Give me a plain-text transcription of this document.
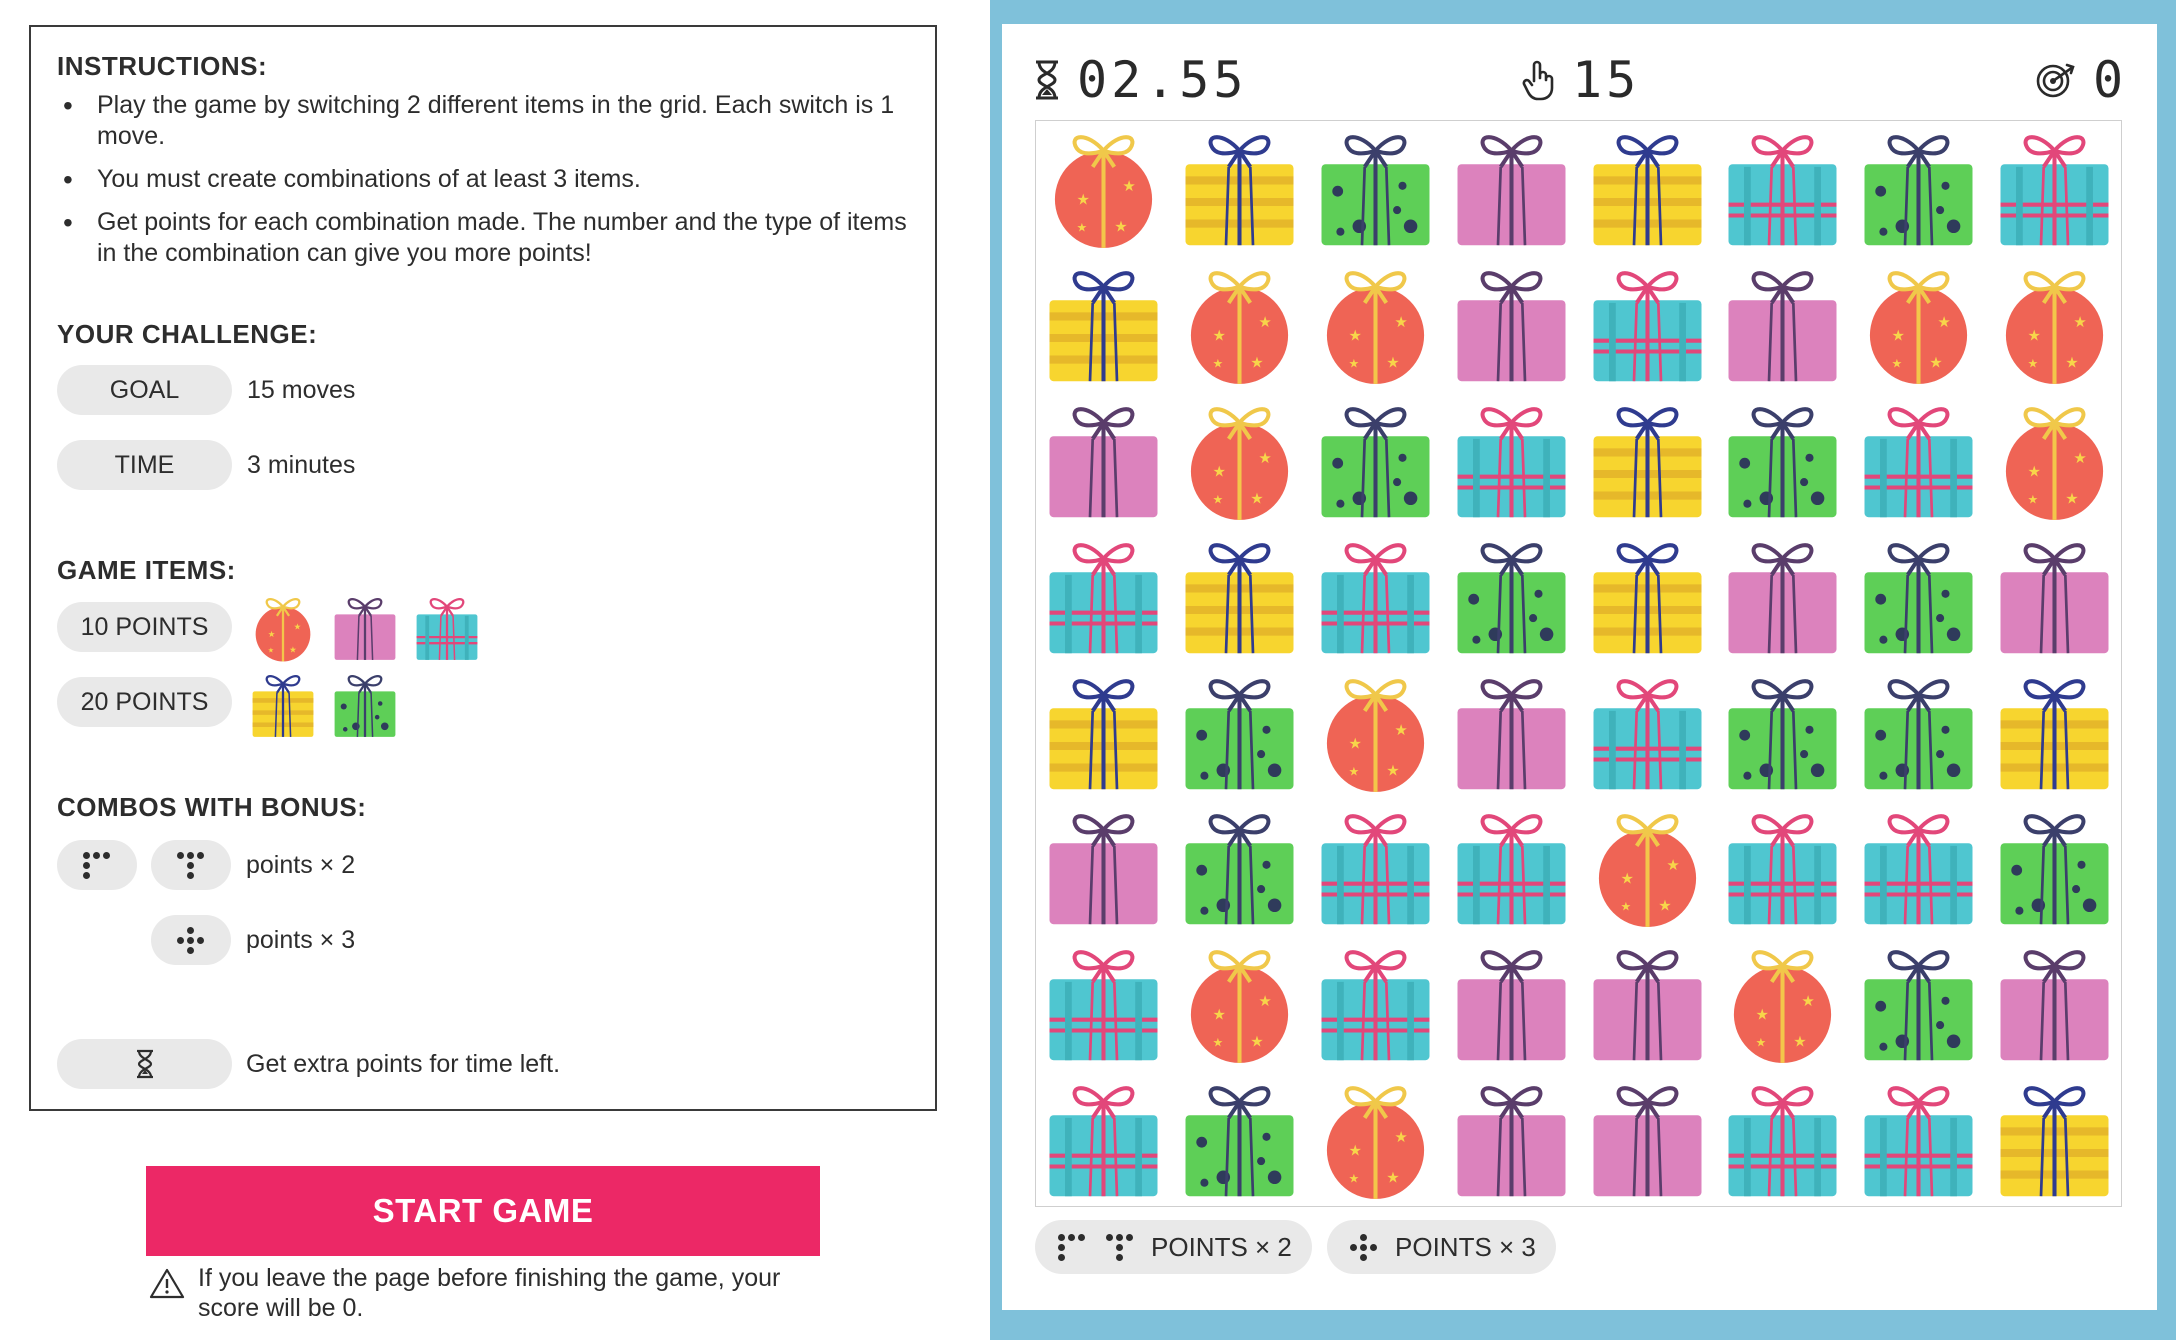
INSTRUCTIONS:
• Play the game by switching 2 different items in the grid. Each switch is 1 move.
• You must create combinations of at least 3 items.
• Get points for each combination made. The number and the type of items in the combination can give you more points!
YOUR CHALLENGE:
GOAL	15 moves
TIME	3 minutes
GAME ITEMS:
10 POINTS	★
★
★
★
20 POINTS
COMBOS WITH BONUS:
points × 2
points × 3
Get extra points for time left.
START GAME
If you leave the page before finishing the game, your score will be 0.
02.55	15	0
★
★
★
★
★
★
★
★
★
★
★
★
★
★
★
★
★
★
★
★
★
★
★
★
★
★
★
★
★
★
★
★
★
★
★
★
★
★
★
★
★
★
★
★
★
★
★
★
POINTS × 2	POINTS × 3
